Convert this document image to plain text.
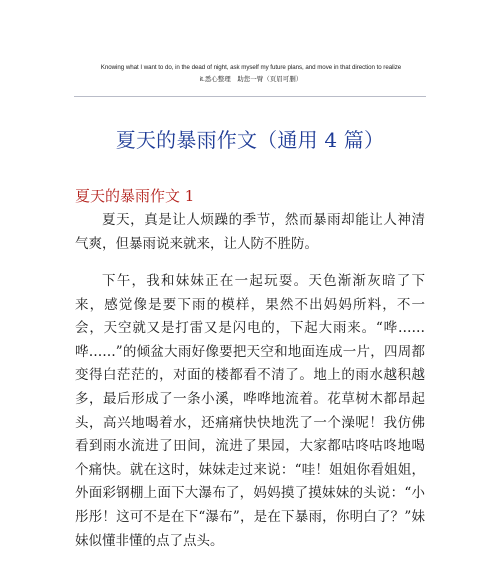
Knowing what I want to do, in the dead of night, ask myself my future plans, and move in that direction to realize
it.悉心整理　助您一臂（页眉可删）
夏天的暴雨作文（通用 4 篇）
夏天的暴雨作文 1

夏天，真是让人烦躁的季节，然而暴雨却能让人神清气爽，但暴雨说来就来，让人防不胜防。

下午，我和妹妹正在一起玩耍。天色渐渐灰暗了下来，感觉像是要下雨的模样，果然不出妈妈所料，不一会，天空就又是打雷又是闪电的，下起大雨来。“哗……哗……”的倾盆大雨好像要把天空和地面连成一片，四周都变得白茫茫的，对面的楼都看不清了。地上的雨水越积越多，最后形成了一条小溪，哗哗地流着。花草树木都昂起头，高兴地喝着水，还痛痛快快地洗了一个澡呢！我仿佛看到雨水流进了田间，流进了果园，大家都咕咚咕咚地喝个痛快。就在这时，妹妹走过来说：“哇！姐姐你看姐姐，外面彩钢棚上面下大瀑布了，妈妈摸了摸妹妹的头说：“小彤彤！这可不是在下“瀑布”，是在下暴雨，你明白了？”妹妹似懂非懂的点了点头。
